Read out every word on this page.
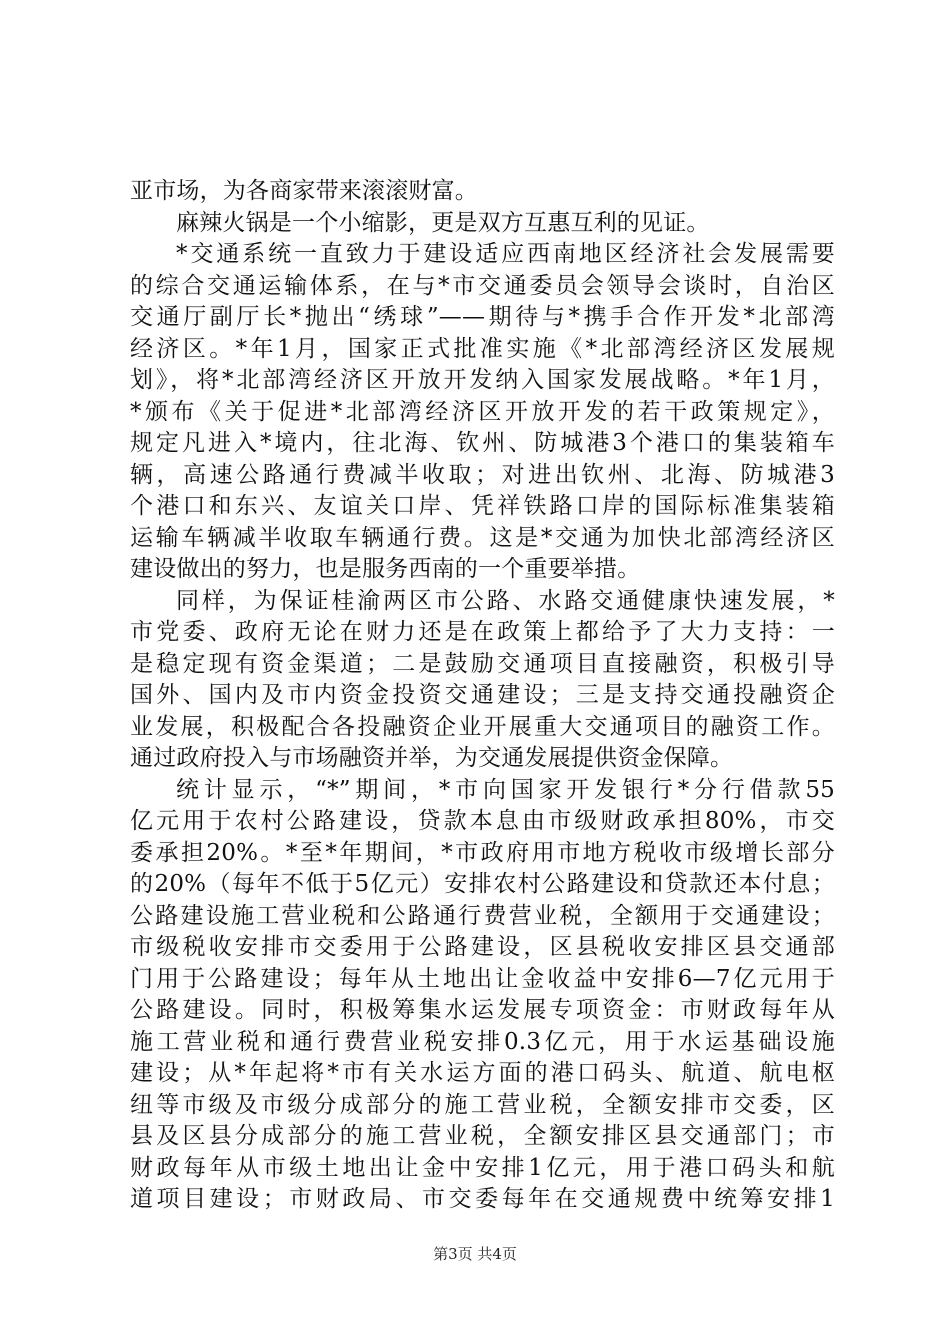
亚市场，为各商家带来滚滚财富。
麻辣火锅是一个小缩影，更是双方互惠互利的见证。
*交通系统一直致力于建设适应西南地区经济社会发展需要
的综合交通运输体系，在与*市交通委员会领导会谈时，自治区
交通厅副厅长*抛出“绣球”——期待与*携手合作开发*北部湾
经济区。*年1月，国家正式批准实施《*北部湾经济区发展规
划》，将*北部湾经济区开放开发纳入国家发展战略。*年1月，
*颁布《关于促进*北部湾经济区开放开发的若干政策规定》，
规定凡进入*境内，往北海、钦州、防城港3个港口的集装箱车
辆，高速公路通行费减半收取；对进出钦州、北海、防城港3
个港口和东兴、友谊关口岸、凭祥铁路口岸的国际标准集装箱
运输车辆减半收取车辆通行费。这是*交通为加快北部湾经济区
建设做出的努力，也是服务西南的一个重要举措。
同样，为保证桂渝两区市公路、水路交通健康快速发展，*
市党委、政府无论在财力还是在政策上都给予了大力支持：一
是稳定现有资金渠道；二是鼓励交通项目直接融资，积极引导
国外、国内及市内资金投资交通建设；三是支持交通投融资企
业发展，积极配合各投融资企业开展重大交通项目的融资工作。
通过政府投入与市场融资并举，为交通发展提供资金保障。
统计显示，“*”期间，*市向国家开发银行*分行借款55
亿元用于农村公路建设，贷款本息由市级财政承担80%，市交
委承担20%。*至*年期间，*市政府用市地方税收市级增长部分
的20%（每年不低于5亿元）安排农村公路建设和贷款还本付息；
公路建设施工营业税和公路通行费营业税，全额用于交通建设；
市级税收安排市交委用于公路建设，区县税收安排区县交通部
门用于公路建设；每年从土地出让金收益中安排6—7亿元用于
公路建设。同时，积极筹集水运发展专项资金：市财政每年从
施工营业税和通行费营业税安排0.3亿元，用于水运基础设施
建设；从*年起将*市有关水运方面的港口码头、航道、航电枢
纽等市级及市级分成部分的施工营业税，全额安排市交委，区
县及区县分成部分的施工营业税，全额安排区县交通部门；市
财政每年从市级土地出让金中安排1亿元，用于港口码头和航
道项目建设；市财政局、市交委每年在交通规费中统筹安排1
第3页 共4页
